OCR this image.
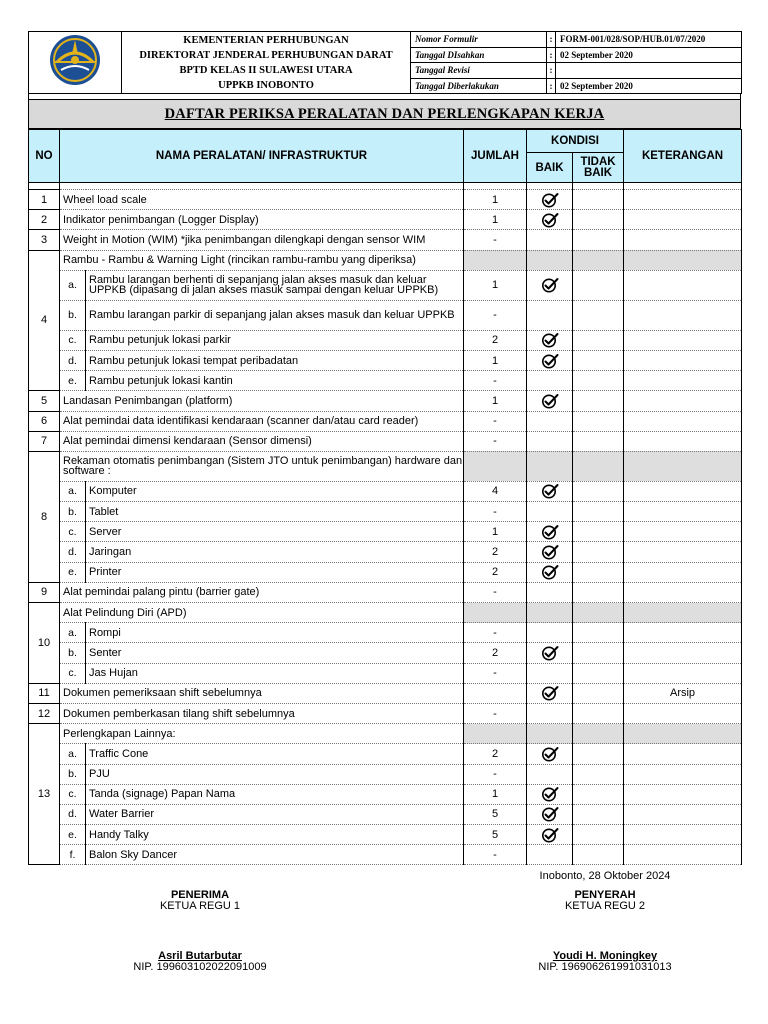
KEMENTERIAN PERHUBUNGAN
DIREKTORAT JENDERAL PERHUBUNGAN DARAT
BPTD KELAS II SULAWESI UTARA
UPPKB INOBONTO	Nomor Formulir	:	FORM-001/028/SOP/HUB.01/07/2020
		Tanggal DIsahkan	:	02 September 2020
		Tanggal Revisi	:	
		Tanggal Diberlakukan	:	02 September 2020
DAFTAR PERIKSA PERALATAN DAN PERLENGKAPAN KERJA
NO	NAMA PERALATAN/ INFRASTRUKTUR		JUMLAH	KONDISI		KETERANGAN
				BAIK	TIDAK BAIK	

1	Wheel load scale		1			
2	Indikator penimbangan (Logger Display)		1			
3	Weight in Motion (WIM) *jika penimbangan dilengkapi dengan sensor WIM		-			
4	Rambu - Rambu & Warning Light (rincikan rambu-rambu yang diperiksa)					
	a.	Rambu larangan berhenti di sepanjang jalan akses masuk dan keluar UPPKB (dipasang di jalan akses masuk sampai dengan keluar UPPKB)	1			
	b.	Rambu larangan parkir di sepanjang jalan akses masuk dan keluar UPPKB	-			
	c.	Rambu petunjuk lokasi parkir	2			
	d.	Rambu petunjuk lokasi tempat peribadatan	1			
	e.	Rambu petunjuk lokasi kantin	-			
5	Landasan Penimbangan (platform)		1			
6	Alat pemindai data identifikasi kendaraan (scanner dan/atau card reader)		-			
7	Alat pemindai dimensi kendaraan (Sensor dimensi)		-			
8	Rekaman otomatis penimbangan (Sistem JTO untuk penimbangan) hardware dan software :					
	a.	Komputer	4			
	b.	Tablet	-			
	c.	Server	1			
	d.	Jaringan	2			
	e.	Printer	2			
9	Alat pemindai palang pintu (barrier gate)		-			
10	Alat Pelindung Diri (APD)					
	a.	Rompi	-			
	b.	Senter	2			
	c.	Jas Hujan	-			
11	Dokumen pemeriksaan shift sebelumnya					Arsip
12	Dokumen pemberkasan tilang shift sebelumnya		-			
13	Perlengkapan Lainnya:					
	a.	Traffic Cone	2			
	b.	PJU	-			
	c.	Tanda (signage) Papan Nama	1			
	d.	Water Barrier	5			
	e.	Handy Talky	5			
	f.	Balon Sky Dancer	-			
Inobonto, 28 Oktober 2024
PENERIMA
KETUA REGU 1
PENYERAH
KETUA REGU 2
Asril Butarbutar
NIP. 199603102022091009
Youdi H. Moningkey
NIP. 196906261991031013
